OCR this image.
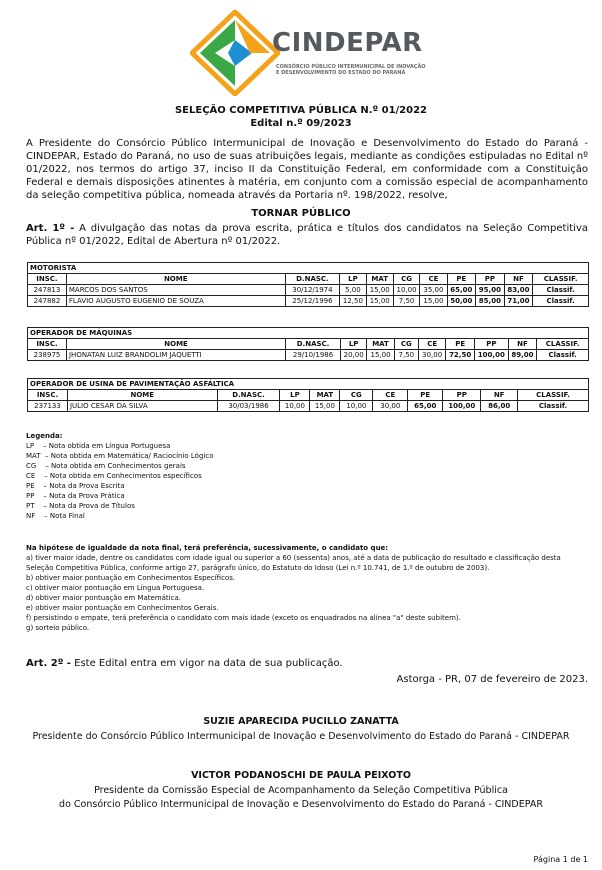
CINDEPAR
CONSÓRCIO PÚBLICO INTERMUNICIPAL DE INOVAÇÃO
E DESENVOLVIMENTO DO ESTADO DO PARANÁ
SELEÇÃO COMPETITIVA PÚBLICA N.º 01/2022
Edital n.º 09/2023
A Presidente do Consórcio Público Intermunicipal de Inovação e Desenvolvimento do Estado do Paraná - CINDEPAR, Estado do Paraná, no uso de suas atribuições legais, mediante as condições estipuladas no Edital nº 01/2022, nos termos do artigo 37, inciso II da Constituição Federal, em conformidade com a Constituição Federal e demais disposições atinentes à matéria, em conjunto com a comissão especial de acompanhamento da seleção competitiva pública, nomeada através da Portaria nº. 198/2022, resolve,
TORNAR PÚBLICO
Art. 1º - A divulgação das notas da prova escrita, prática e títulos dos candidatos na Seleção Competitiva Pública nº 01/2022, Edital de Abertura nº 01/2022.
MOTORISTA										
INSC.	NOME	D.NASC.	LP	MAT	CG	CE	PE	PP	NF	CLASSIF.
247813	MARCOS DOS SANTOS	30/12/1974	5,00	15,00	10,00	35,00	65,00	95,00	83,00	Classif.
247882	FLAVIO AUGUSTO EUGENIO DE SOUZA	25/12/1996	12,50	15,00	7,50	15,00	50,00	85,00	71,00	Classif.
OPERADOR DE MÁQUINAS										
INSC.	NOME	D.NASC.	LP	MAT	CG	CE	PE	PP	NF	CLASSIF.
238975	JHONATAN LUIZ BRANDOLIM JAQUETTI	29/10/1986	20,00	15,00	7,50	30,00	72,50	100,00	89,00	Classif.
OPERADOR DE USINA DE PAVIMENTAÇÃO ASFÁLTICA										
INSC.	NOME	D.NASC.	LP	MAT	CG	CE	PE	PP	NF	CLASSIF.
237133	JULIO CESAR DA SILVA	30/03/1986	10,00	15,00	10,00	30,00	65,00	100,00	86,00	Classif.
Legenda:
LP    – Nota obtida em Língua Portuguesa
MAT  – Nota obtida em Matemática/ Raciocínio Lógico
CG    – Nota obtida em Conhecimentos gerais
CE    – Nota obtida em Conhecimentos específicos
PE    – Nota da Prova Escrita
PP    – Nota da Prova Prática
PT    – Nota da Prova de Títulos
NF    – Nota Final
Na hipótese de igualdade da nota final, terá preferência, sucessivamente, o candidato que:
a) tiver maior idade, dentre os candidatos com idade igual ou superior a 60 (sessenta) anos, até a data de publicação do resultado e classificação desta
Seleção Competitiva Pública, conforme artigo 27, parágrafo único, do Estatuto do Idoso (Lei n.º 10.741, de 1.º de outubro de 2003).
b) obtiver maior pontuação em Conhecimentos Específicos.
c) obtiver maior pontuação em Língua Portuguesa.
d) obtiver maior pontuação em Matemática.
e) obtiver maior pontuação em Conhecimentos Gerais.
f) persistindo o empate, terá preferência o candidato com mais idade (exceto os enquadrados na alínea "a" deste subitem).
g) sorteio público.
Art. 2º - Este Edital entra em vigor na data de sua publicação.
Astorga - PR, 07 de fevereiro de 2023.
SUZIE APARECIDA PUCILLO ZANATTA
Presidente do Consórcio Público Intermunicipal de Inovação e Desenvolvimento do Estado do Paraná - CINDEPAR
VICTOR PODANOSCHI DE PAULA PEIXOTO
Presidente da Comissão Especial de Acompanhamento da Seleção Competitiva Pública
do Consórcio Público Intermunicipal de Inovação e Desenvolvimento do Estado do Paraná - CINDEPAR
Página 1 de 1
